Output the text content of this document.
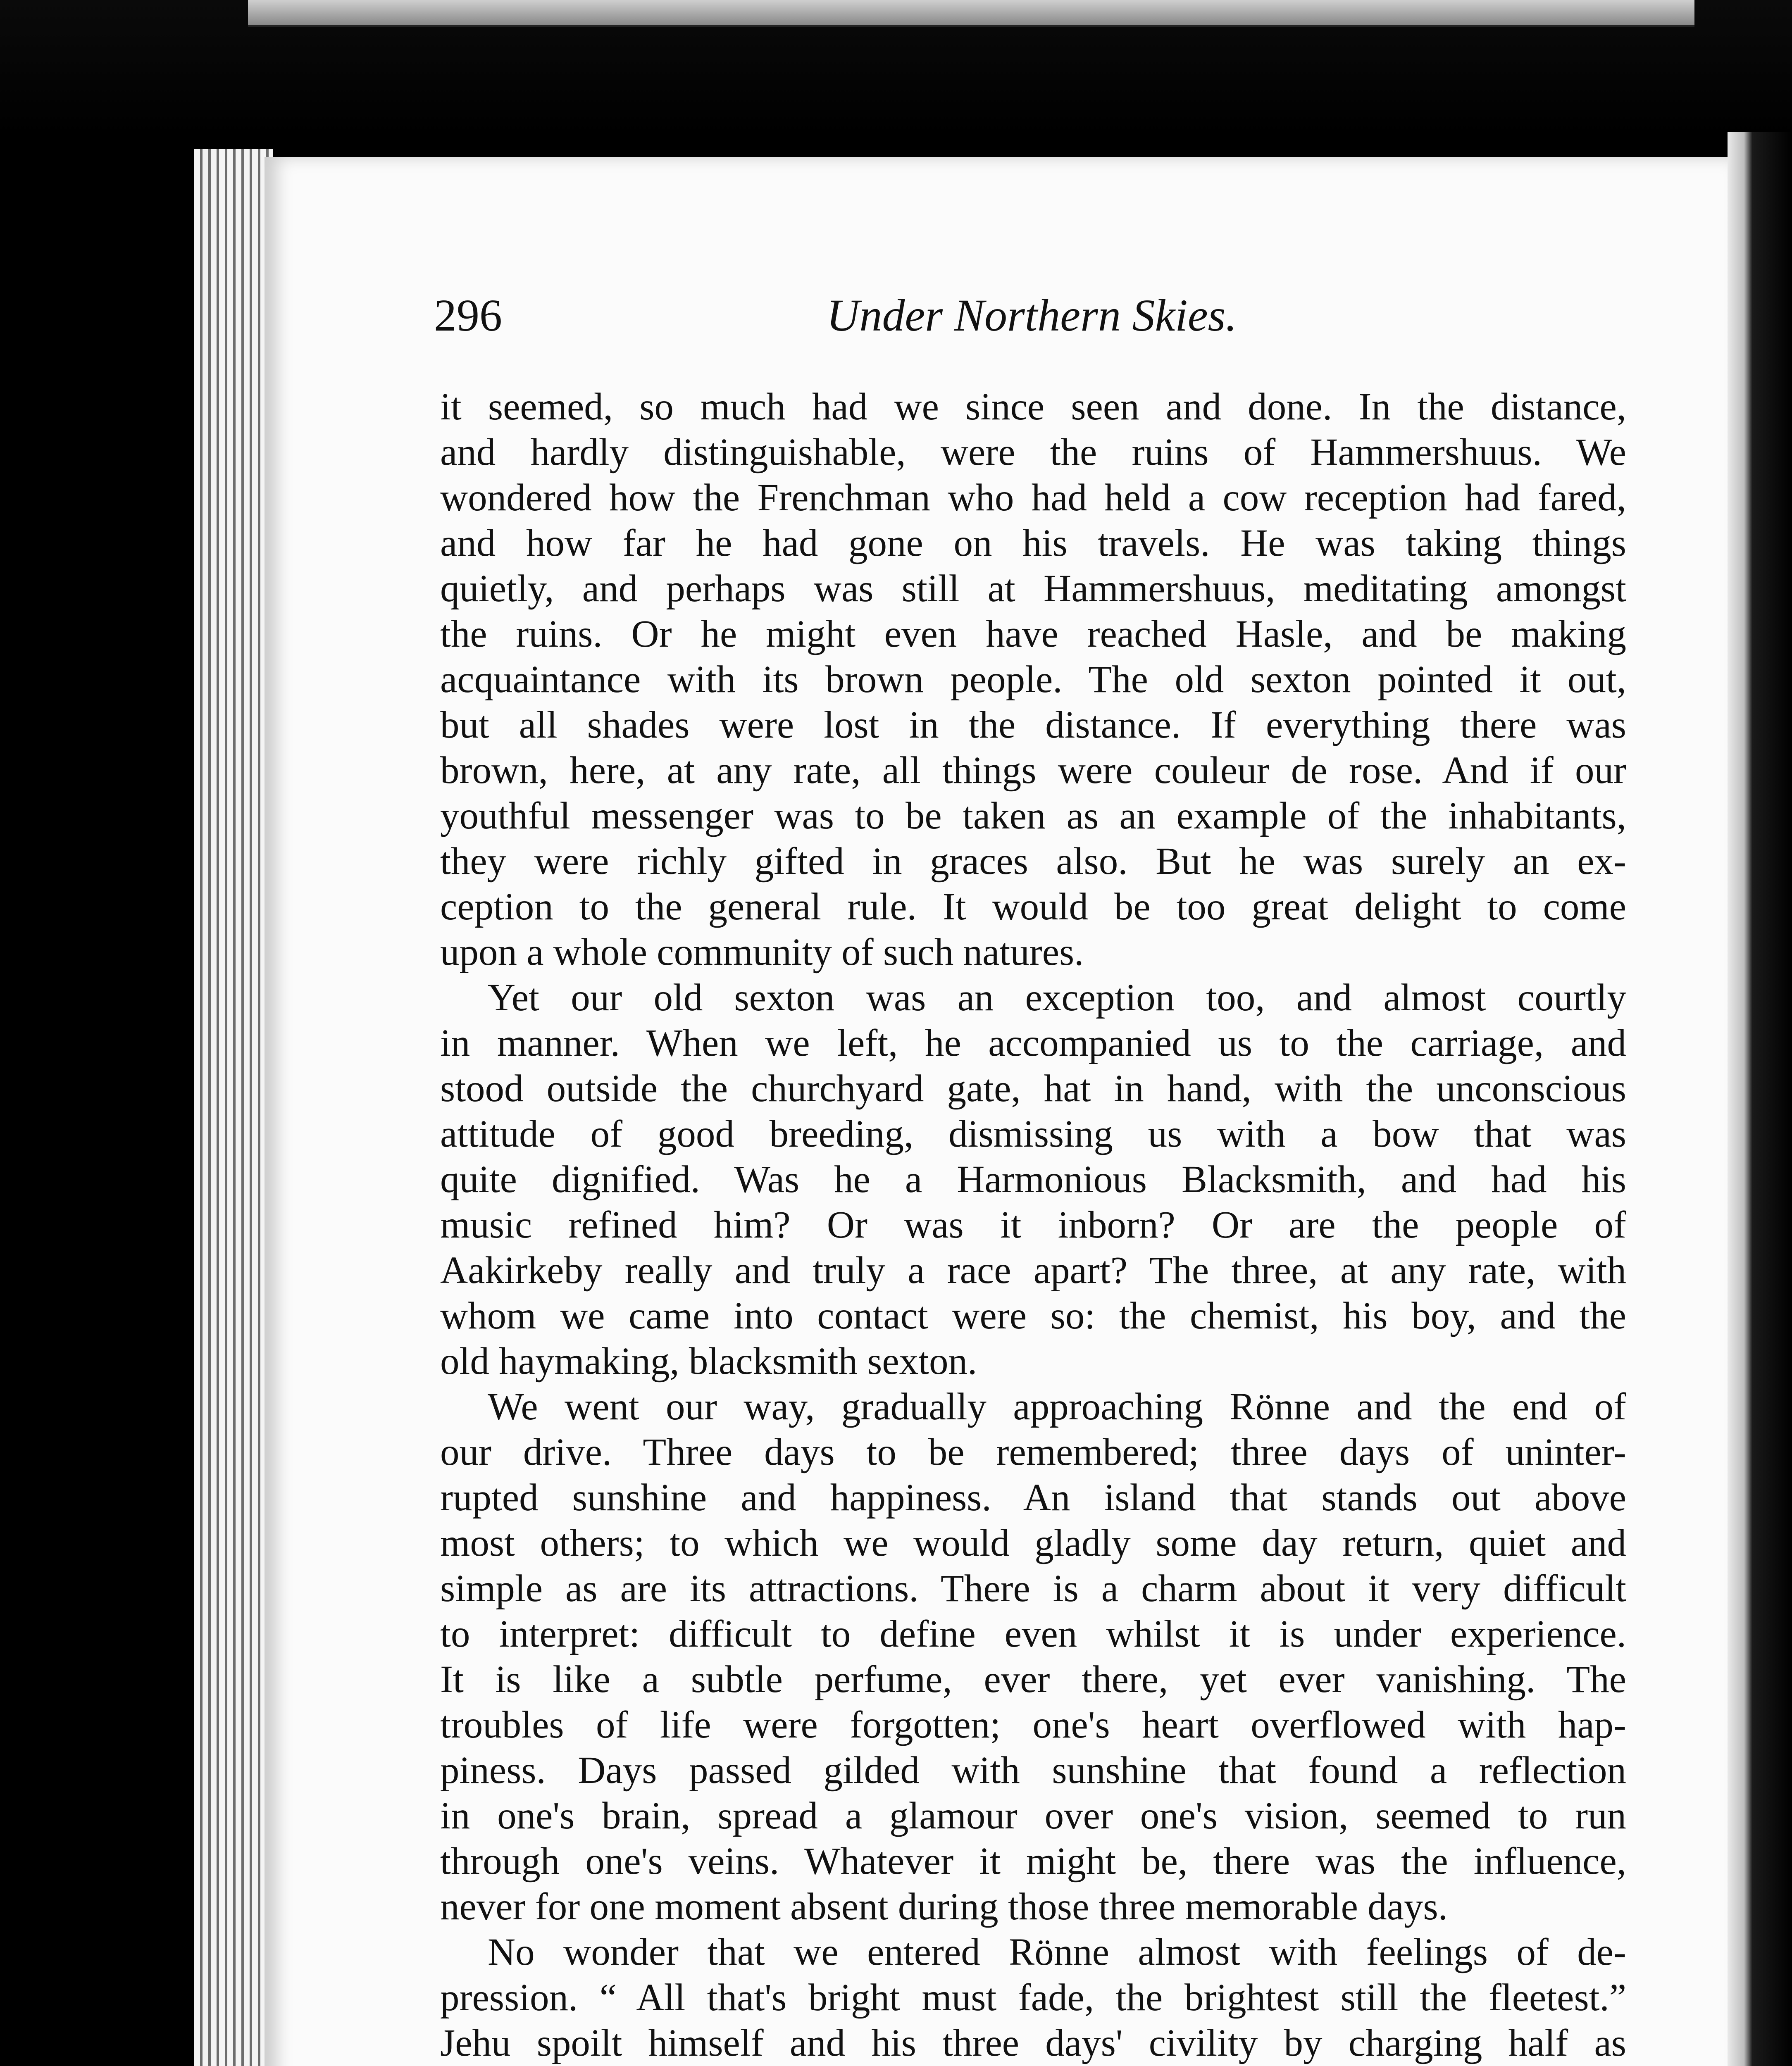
296	Under Northern Skies.
it seemed, so much had we since seen and done. In the distance,
and hardly distinguishable, were the ruins of Hammershuus. We
wondered how the Frenchman who had held a cow reception had fared,
and how far he had gone on his travels. He was taking things
quietly, and perhaps was still at Hammershuus, meditating amongst
the ruins. Or he might even have reached Hasle, and be making
acquaintance with its brown people. The old sexton pointed it out,
but all shades were lost in the distance. If everything there was
brown, here, at any rate, all things were couleur de rose. And if our
youthful messenger was to be taken as an example of the inhabitants,
they were richly gifted in graces also. But he was surely an ex-
ception to the general rule. It would be too great delight to come
upon a whole community of such natures.
Yet our old sexton was an exception too, and almost courtly
in manner. When we left, he accompanied us to the carriage, and
stood outside the churchyard gate, hat in hand, with the unconscious
attitude of good breeding, dismissing us with a bow that was
quite dignified. Was he a Harmonious Blacksmith, and had his
music refined him? Or was it inborn? Or are the people of
Aakirkeby really and truly a race apart? The three, at any rate, with
whom we came into contact were so: the chemist, his boy, and the
old haymaking, blacksmith sexton.
We went our way, gradually approaching Rönne and the end of
our drive. Three days to be remembered; three days of uninter-
rupted sunshine and happiness. An island that stands out above
most others; to which we would gladly some day return, quiet and
simple as are its attractions. There is a charm about it very difficult
to interpret: difficult to define even whilst it is under experience.
It is like a subtle perfume, ever there, yet ever vanishing. The
troubles of life were forgotten; one's heart overflowed with hap-
piness. Days passed gilded with sunshine that found a reflection
in one's brain, spread a glamour over one's vision, seemed to run
through one's veins. Whatever it might be, there was the influence,
never for one moment absent during those three memorable days.
No wonder that we entered Rönne almost with feelings of de-
pression. “ All that's bright must fade, the brightest still the fleetest.”
Jehu spoilt himself and his three days' civility by charging half as
